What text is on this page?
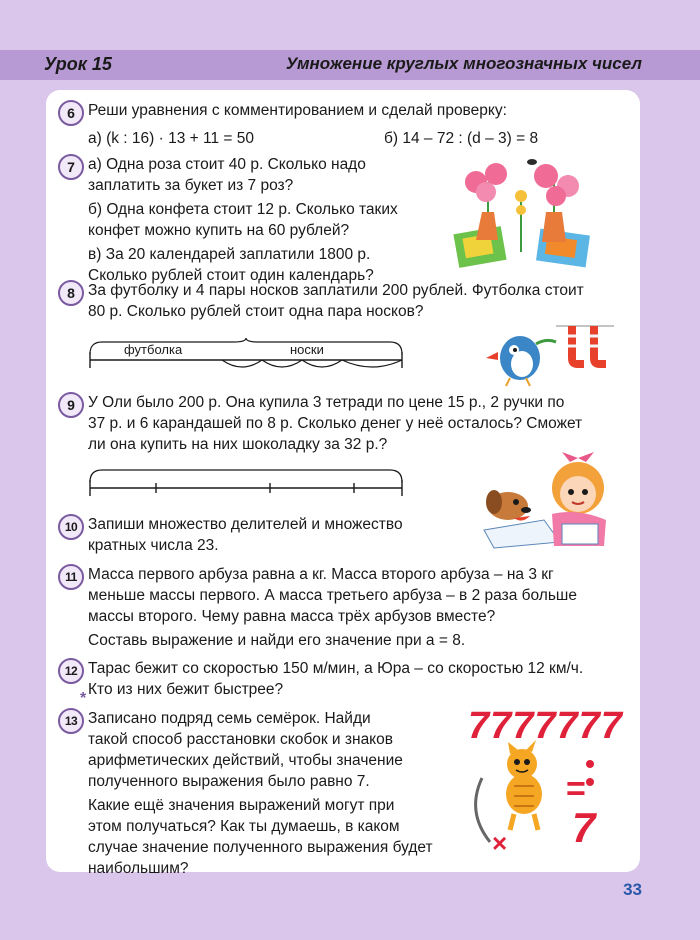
Урок 15	Умножение круглых многозначных чисел
6 Реши уравнения с комментированием и сделай проверку:
а) (k : 16) · 13 + 11 = 50	б) 14 – 72 : (d – 3) = 8
7 а) Одна роза стоит 40 р. Сколько надо
заплатить за букет из 7 роз?
б) Одна конфета стоит 12 р. Сколько таких
конфет можно купить на 60 рублей?
в) За 20 календарей заплатили 1800 р.
Сколько рублей стоит один календарь?
8 За футболку и 4 пары носков заплатили 200 рублей. Футболка стоит
80 р. Сколько рублей стоит одна пара носков?
футболка	носки
9 У Оли было 200 р. Она купила 3 тетради по цене 15 р., 2 ручки по
37 р. и 6 карандашей по 8 р. Сколько денег у неё осталось? Сможет
ли она купить на них шоколадку за 32 р.?
10 Запиши множество делителей и множество
кратных числа 23.
11 Масса первого арбуза равна a кг. Масса второго арбуза – на 3 кг
меньше массы первого. А масса третьего арбуза – в 2 раза больше
массы второго. Чему равна масса трёх арбузов вместе?
Составь выражение и найди его значение при a = 8.
12 Тарас бежит со скоростью 150 м/мин, а Юра – со скоростью 12 км/ч.
Кто из них бежит быстрее?
*
13 Записано подряд семь семёрок. Найди
такой способ расстановки скобок и знаков
арифметических действий, чтобы значение
полученного выражения было равно 7.
Какие ещё значения выражений могут при
этом получаться? Как ты думаешь, в каком
случае значение полученного выражения будет
наибольшим?
7777777
=
7
×
33
